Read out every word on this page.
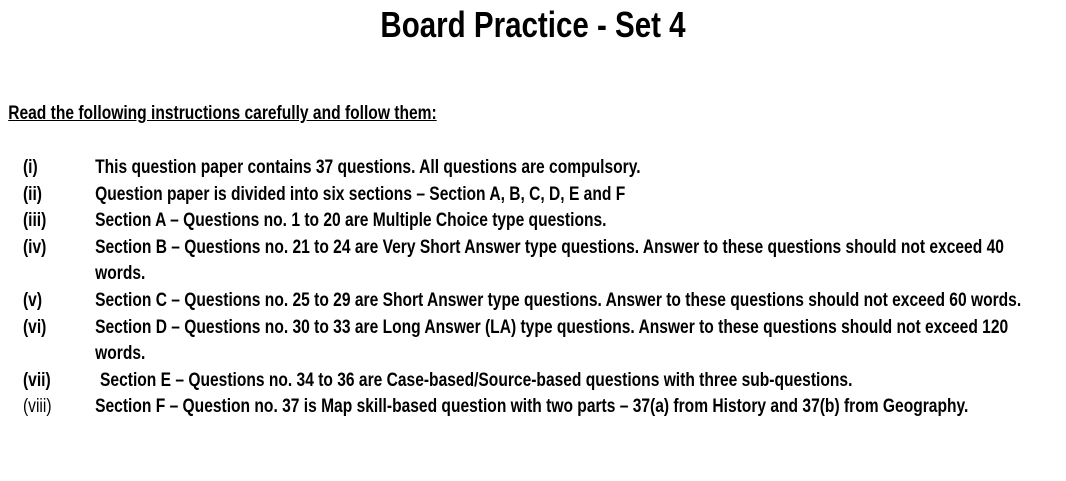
Board Practice - Set 4
Read the following instructions carefully and follow them:
(i)	This question paper contains 37 questions. All questions are compulsory.
(ii)	Question paper is divided into six sections – Section A, B, C, D, E and F
(iii)	Section A – Questions no. 1 to 20 are Multiple Choice type questions.
(iv)	Section B – Questions no. 21 to 24 are Very Short Answer type questions. Answer to these questions should not exceed 40 words.
(v)	Section C – Questions no. 25 to 29 are Short Answer type questions. Answer to these questions should not exceed 60 words.
(vi)	Section D – Questions no. 30 to 33 are Long Answer (LA) type questions. Answer to these questions should not exceed 120 words.
(vii)	Section E – Questions no. 34 to 36 are Case-based/Source-based questions with three sub-questions.
(viii)	Section F – Question no. 37 is Map skill-based question with two parts – 37(a) from History and 37(b) from Geography.
